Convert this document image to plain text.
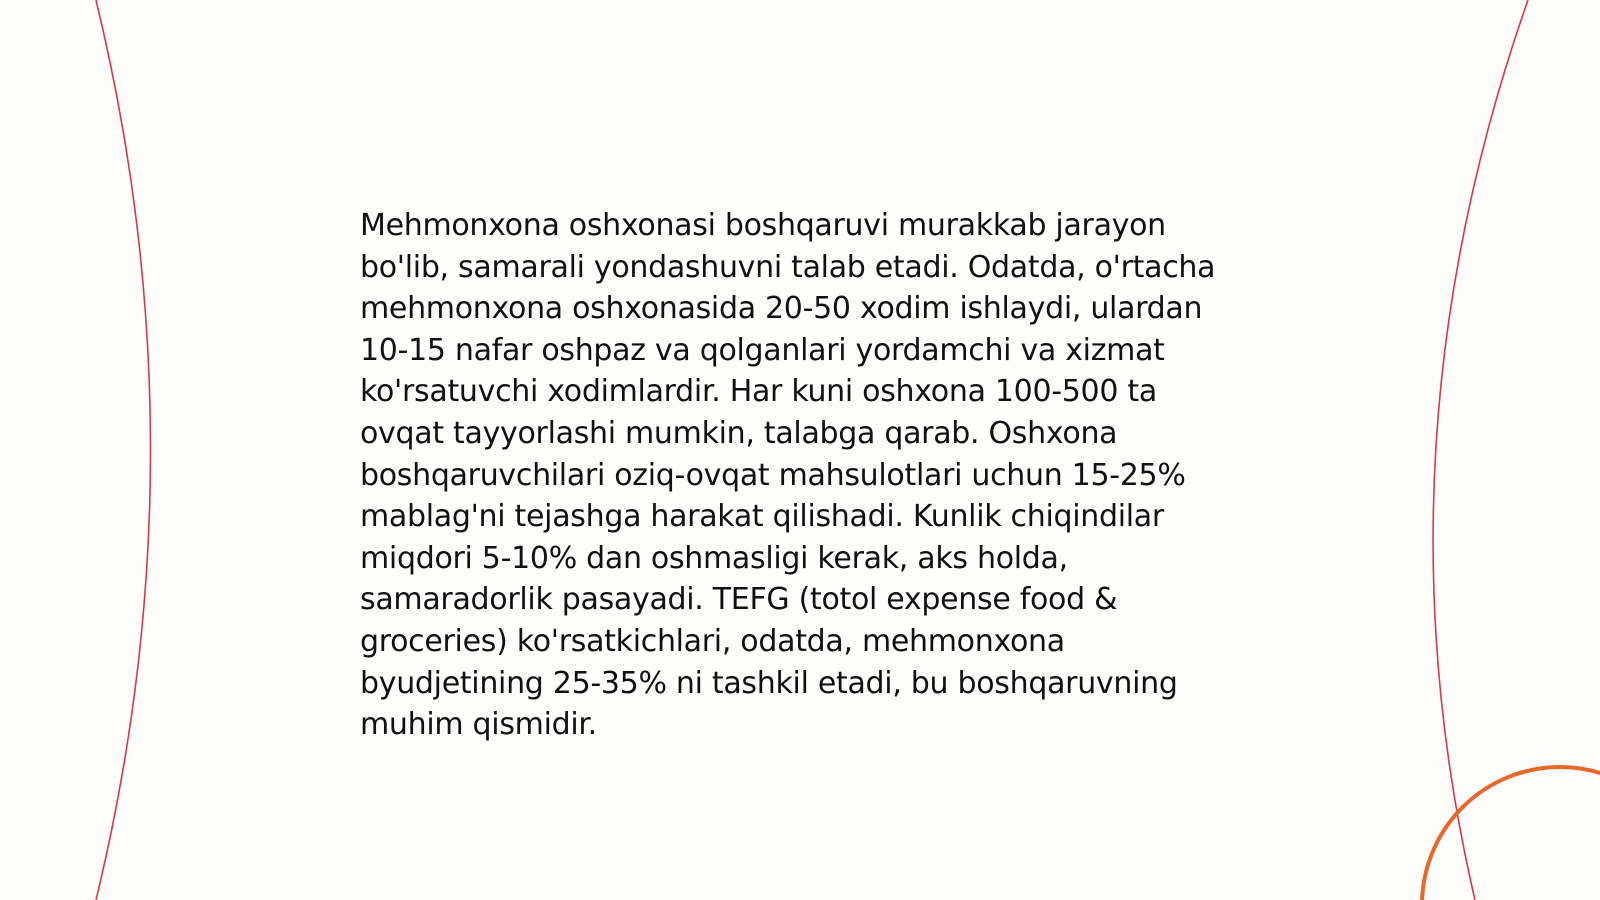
Mehmonxona oshxonasi boshqaruvi murakkab jarayon bo'lib, samarali yondashuvni talab etadi. Odatda, o'rtacha mehmonxona oshxonasida 20-50 xodim ishlaydi, ulardan 10-15 nafar oshpaz va qolganlari yordamchi va xizmat ko'rsatuvchi xodimlardir. Har kuni oshxona 100-500 ta ovqat tayyorlashi mumkin, talabga qarab. Oshxona boshqaruvchilari oziq-ovqat mahsulotlari uchun 15-25% mablag'ni tejashga harakat qilishadi. Kunlik chiqindilar miqdori 5-10% dan oshmasligi kerak, aks holda, samaradorlik pasayadi. TEFG (totol expense food & groceries) ko'rsatkichlari, odatda, mehmonxona byudjetining 25-35% ni tashkil etadi, bu boshqaruvning muhim qismidir.
